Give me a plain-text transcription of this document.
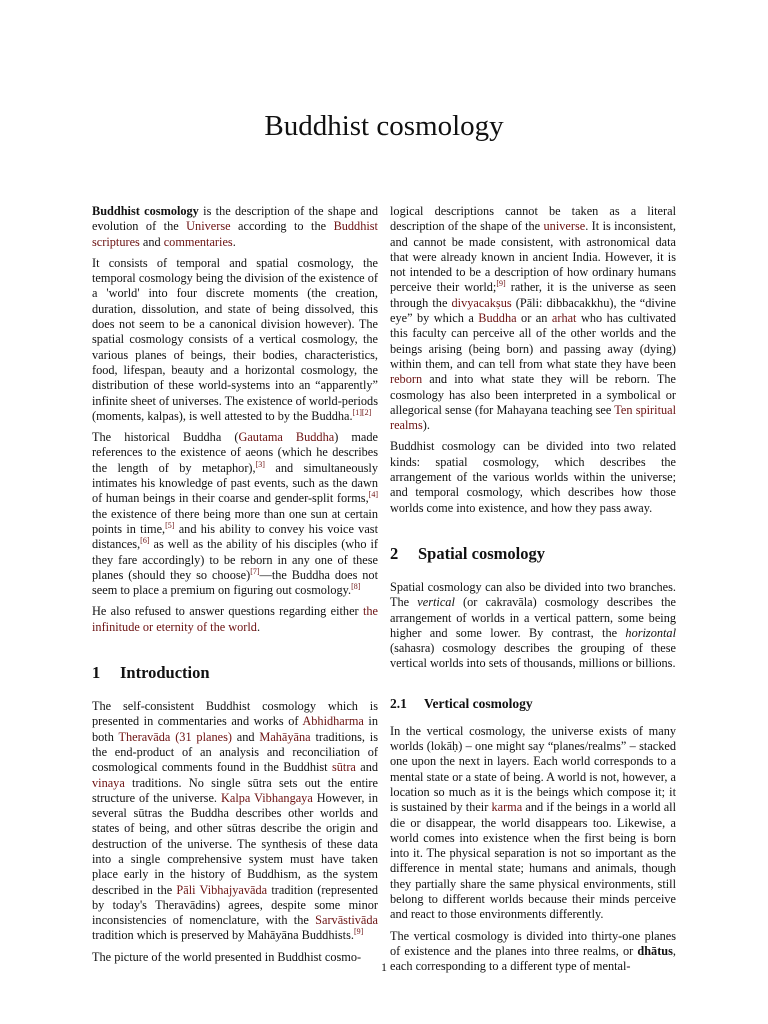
Buddhist cosmology

Buddhist cosmology is the description of the shape and evolution of the Universe according to the Buddhist scriptures and commentaries.

It consists of temporal and spatial cosmology, the temporal cosmology being the division of the existence of a 'world' into four discrete moments (the creation, duration, dissolution, and state of being dissolved, this does not seem to be a canonical division however). The spatial cosmology consists of a vertical cosmology, the various planes of beings, their bodies, characteristics, food, lifespan, beauty and a horizontal cosmology, the distribution of these world-systems into an “apparently” infinite sheet of universes. The existence of world-periods (moments, kalpas), is well attested to by the Buddha.[1][2]

The historical Buddha (Gautama Buddha) made references to the existence of aeons (which he describes the length of by metaphor),[3] and simultaneously intimates his knowledge of past events, such as the dawn of human beings in their coarse and gender-split forms,[4] the existence of there being more than one sun at certain points in time,[5] and his ability to convey his voice vast distances,[6] as well as the ability of his disciples (who if they fare accordingly) to be reborn in any one of these planes (should they so choose)[7]—the Buddha does not seem to place a premium on figuring out cosmology.[8]

He also refused to answer questions regarding either the infinitude or eternity of the world.

1 Introduction

The self-consistent Buddhist cosmology which is presented in commentaries and works of Abhidharma in both Theravāda (31 planes) and Mahāyāna traditions, is the end-product of an analysis and reconciliation of cosmological comments found in the Buddhist sūtra and vinaya traditions. No single sūtra sets out the entire structure of the universe. Kalpa Vibhangaya However, in several sūtras the Buddha describes other worlds and states of being, and other sūtras describe the origin and destruction of the universe. The synthesis of these data into a single comprehensive system must have taken place early in the history of Buddhism, as the system described in the Pāli Vibhajyavāda tradition (represented by today's Theravādins) agrees, despite some minor inconsistencies of nomenclature, with the Sarvāstivāda tradition which is preserved by Mahāyāna Buddhists.[9]

The picture of the world presented in Buddhist cosmo-

logical descriptions cannot be taken as a literal description of the shape of the universe. It is inconsistent, and cannot be made consistent, with astronomical data that were already known in ancient India. However, it is not intended to be a description of how ordinary humans perceive their world;[9] rather, it is the universe as seen through the divyacakṣus (Pāli: dibbacakkhu), the “divine eye” by which a Buddha or an arhat who has cultivated this faculty can perceive all of the other worlds and the beings arising (being born) and passing away (dying) within them, and can tell from what state they have been reborn and into what state they will be reborn. The cosmology has also been interpreted in a symbolical or allegorical sense (for Mahayana teaching see Ten spiritual realms).

Buddhist cosmology can be divided into two related kinds: spatial cosmology, which describes the arrangement of the various worlds within the universe; and temporal cosmology, which describes how those worlds come into existence, and how they pass away.

2 Spatial cosmology

Spatial cosmology can also be divided into two branches. The vertical (or cakravāla) cosmology describes the arrangement of worlds in a vertical pattern, some being higher and some lower. By contrast, the horizontal (sahasra) cosmology describes the grouping of these vertical worlds into sets of thousands, millions or billions.

2.1 Vertical cosmology

In the vertical cosmology, the universe exists of many worlds (lokāḥ) – one might say “planes/realms” – stacked one upon the next in layers. Each world corresponds to a mental state or a state of being. A world is not, however, a location so much as it is the beings which compose it; it is sustained by their karma and if the beings in a world all die or disappear, the world disappears too. Likewise, a world comes into existence when the first being is born into it. The physical separation is not so important as the difference in mental state; humans and animals, though they partially share the same physical environments, still belong to different worlds because their minds perceive and react to those environments differently.

The vertical cosmology is divided into thirty-one planes of existence and the planes into three realms, or dhātus, each corresponding to a different type of mental-

1
